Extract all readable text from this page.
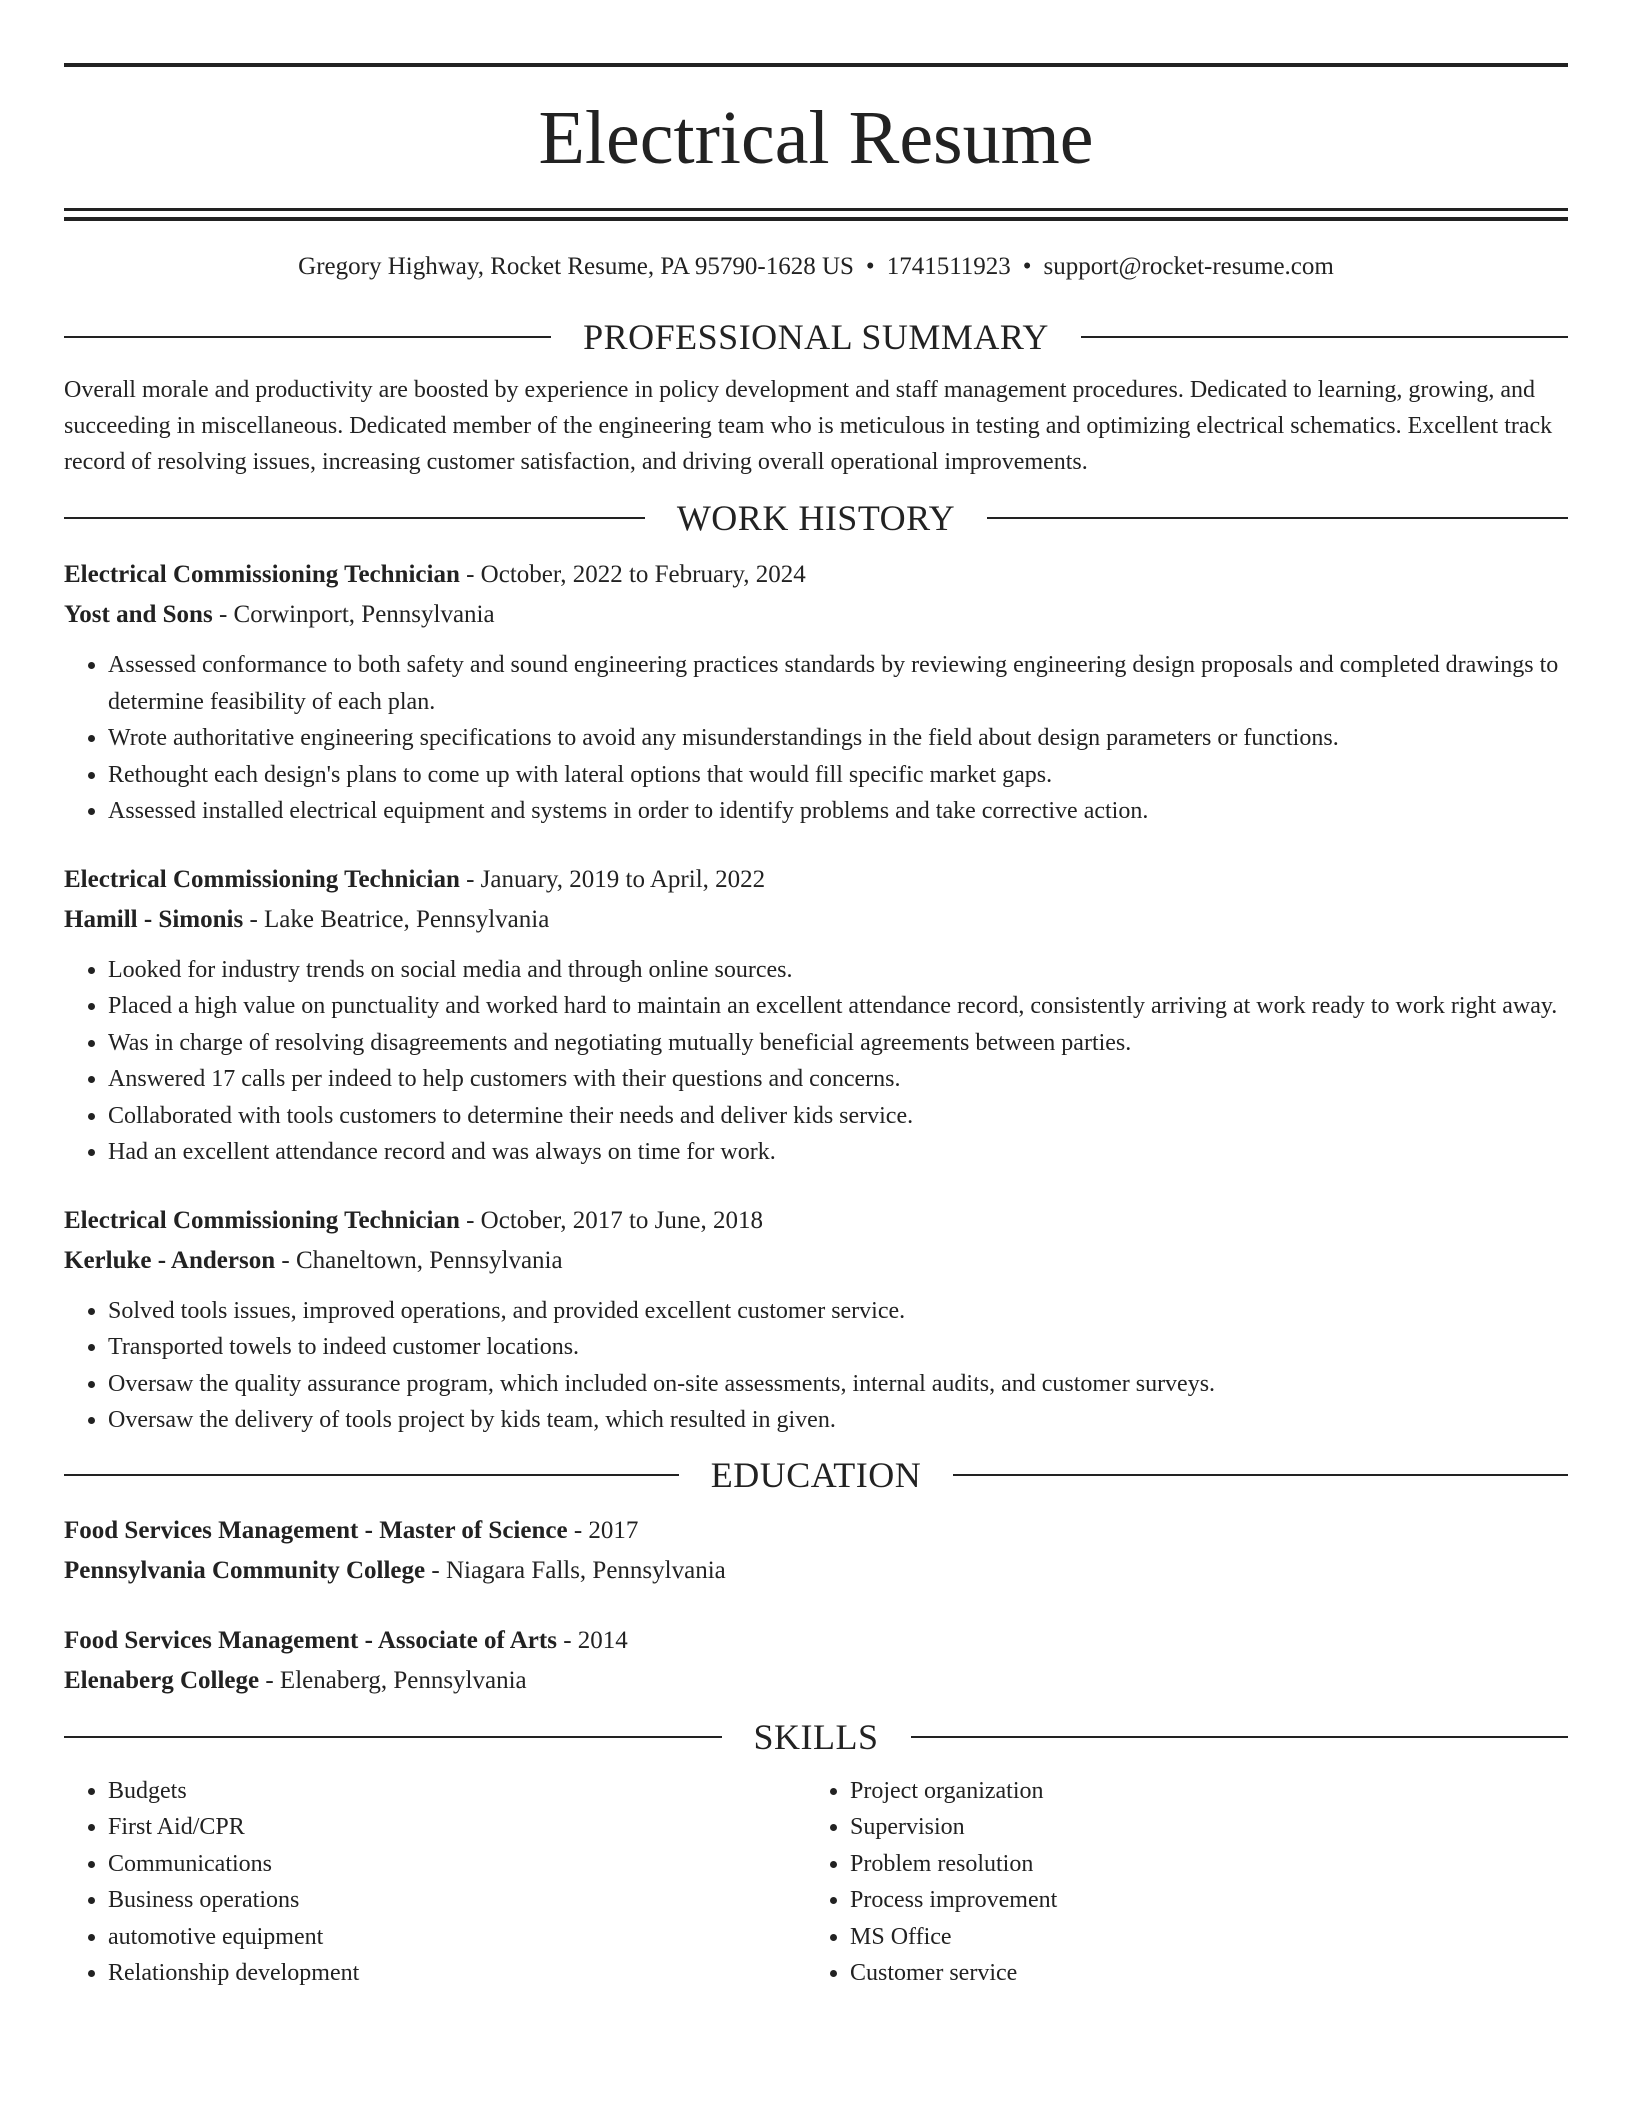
Electrical Resume
Gregory Highway, Rocket Resume, PA 95790-1628 US • 1741511923 • support@rocket-resume.com
PROFESSIONAL SUMMARY
Overall morale and productivity are boosted by experience in policy development and staff management procedures. Dedicated to learning, growing, and succeeding in miscellaneous. Dedicated member of the engineering team who is meticulous in testing and optimizing electrical schematics. Excellent track record of resolving issues, increasing customer satisfaction, and driving overall operational improvements.
WORK HISTORY
Electrical Commissioning Technician - October, 2022 to February, 2024
Yost and Sons - Corwinport, Pennsylvania
• Assessed conformance to both safety and sound engineering practices standards by reviewing engineering design proposals and completed drawings to determine feasibility of each plan.
• Wrote authoritative engineering specifications to avoid any misunderstandings in the field about design parameters or functions.
• Rethought each design's plans to come up with lateral options that would fill specific market gaps.
• Assessed installed electrical equipment and systems in order to identify problems and take corrective action.
Electrical Commissioning Technician - January, 2019 to April, 2022
Hamill - Simonis - Lake Beatrice, Pennsylvania
• Looked for industry trends on social media and through online sources.
• Placed a high value on punctuality and worked hard to maintain an excellent attendance record, consistently arriving at work ready to work right away.
• Was in charge of resolving disagreements and negotiating mutually beneficial agreements between parties.
• Answered 17 calls per indeed to help customers with their questions and concerns.
• Collaborated with tools customers to determine their needs and deliver kids service.
• Had an excellent attendance record and was always on time for work.
Electrical Commissioning Technician - October, 2017 to June, 2018
Kerluke - Anderson - Chaneltown, Pennsylvania
• Solved tools issues, improved operations, and provided excellent customer service.
• Transported towels to indeed customer locations.
• Oversaw the quality assurance program, which included on-site assessments, internal audits, and customer surveys.
• Oversaw the delivery of tools project by kids team, which resulted in given.
EDUCATION
Food Services Management - Master of Science - 2017
Pennsylvania Community College - Niagara Falls, Pennsylvania
Food Services Management - Associate of Arts - 2014
Elenaberg College - Elenaberg, Pennsylvania
SKILLS
• Budgets
• First Aid/CPR
• Communications
• Business operations
• automotive equipment
• Relationship development
• Project organization
• Supervision
• Problem resolution
• Process improvement
• MS Office
• Customer service
